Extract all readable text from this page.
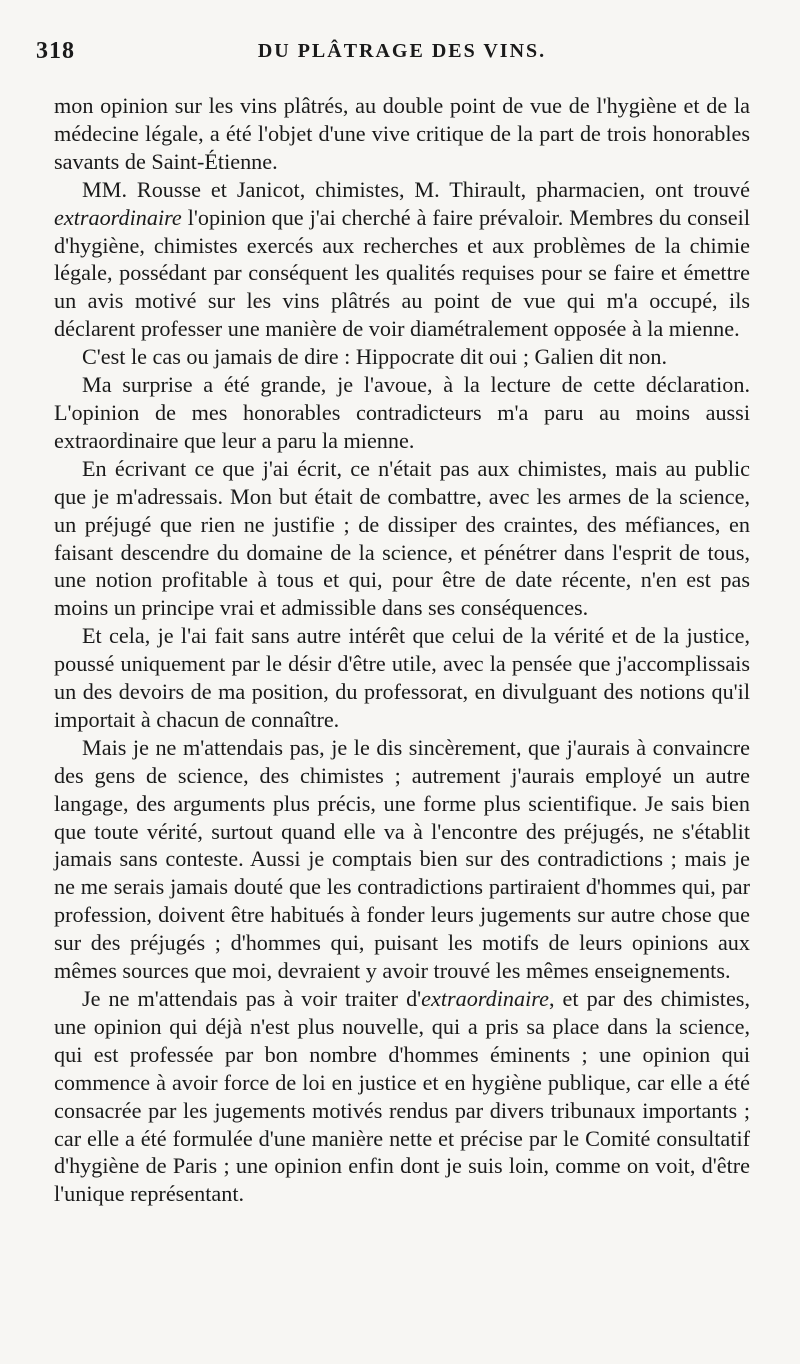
318	DU PLÂTRAGE DES VINS.

mon opinion sur les vins plâtrés, au double point de vue de l'hygiène et de la médecine légale, a été l'objet d'une vive critique de la part de trois honorables savants de Saint-Étienne.

MM. Rousse et Janicot, chimistes, M. Thirault, pharmacien, ont trouvé extraordinaire l'opinion que j'ai cherché à faire prévaloir. Membres du conseil d'hygiène, chimistes exercés aux recherches et aux problèmes de la chimie légale, possédant par conséquent les qualités requises pour se faire et émettre un avis motivé sur les vins plâtrés au point de vue qui m'a occupé, ils déclarent professer une manière de voir diamétralement opposée à la mienne.

C'est le cas ou jamais de dire : Hippocrate dit oui ; Galien dit non.

Ma surprise a été grande, je l'avoue, à la lecture de cette déclaration. L'opinion de mes honorables contradicteurs m'a paru au moins aussi extraordinaire que leur a paru la mienne.

En écrivant ce que j'ai écrit, ce n'était pas aux chimistes, mais au public que je m'adressais. Mon but était de combattre, avec les armes de la science, un préjugé que rien ne justifie ; de dissiper des craintes, des méfiances, en faisant descendre du domaine de la science, et pénétrer dans l'esprit de tous, une notion profitable à tous et qui, pour être de date récente, n'en est pas moins un principe vrai et admissible dans ses conséquences.

Et cela, je l'ai fait sans autre intérêt que celui de la vérité et de la justice, poussé uniquement par le désir d'être utile, avec la pensée que j'accomplissais un des devoirs de ma position, du professorat, en divulguant des notions qu'il importait à chacun de connaître.

Mais je ne m'attendais pas, je le dis sincèrement, que j'aurais à convaincre des gens de science, des chimistes ; autrement j'aurais employé un autre langage, des arguments plus précis, une forme plus scientifique. Je sais bien que toute vérité, surtout quand elle va à l'encontre des préjugés, ne s'établit jamais sans conteste. Aussi je comptais bien sur des contradictions ; mais je ne me serais jamais douté que les contradictions partiraient d'hommes qui, par profession, doivent être habitués à fonder leurs jugements sur autre chose que sur des préjugés ; d'hommes qui, puisant les motifs de leurs opinions aux mêmes sources que moi, devraient y avoir trouvé les mêmes enseignements.

Je ne m'attendais pas à voir traiter d'extraordinaire, et par des chimistes, une opinion qui déjà n'est plus nouvelle, qui a pris sa place dans la science, qui est professée par bon nombre d'hommes éminents ; une opinion qui commence à avoir force de loi en justice et en hygiène publique, car elle a été consacrée par les jugements motivés rendus par divers tribunaux importants ; car elle a été formulée d'une manière nette et précise par le Comité consultatif d'hygiène de Paris ; une opinion enfin dont je suis loin, comme on voit, d'être l'unique représentant.
